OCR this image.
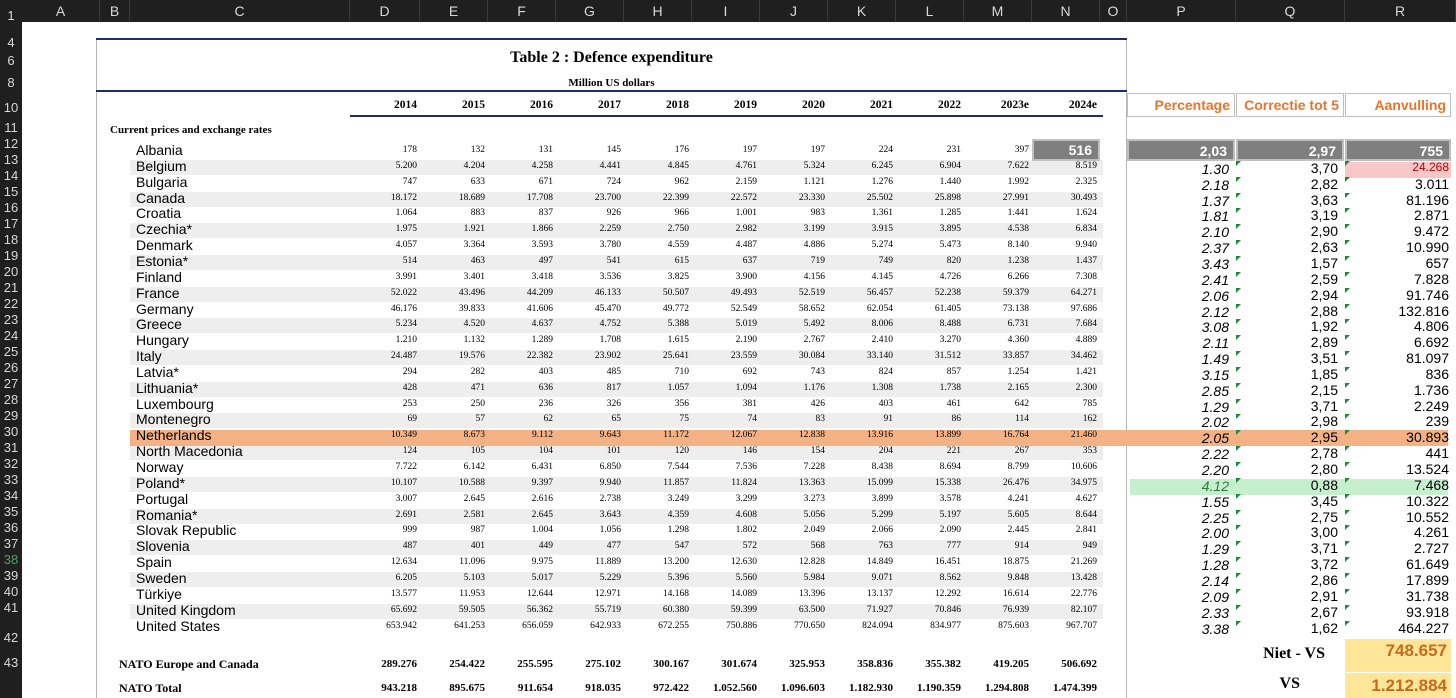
A	B	C	D	E	F	G	H	I	J	K	L	M	N	O	P	Q	R
1
4
6
8
10
11
12
13
14
15
16
17
18
19
20
21
22
23
24
25
26
27
28
29
30
31
32
33
34
35
36
37
38
39
40
41
42
43
Table 2 : Defence expenditure
Million US dollars
2014	2015	2016	2017	2018	2019	2020	2021	2022	2023e	2024e
Current prices and exchange rates
Percentage	Correctie tot 5	Aanvulling
Albania	178	132	131	145	176	197	197	224	231	397	516	2,03	2,97	755
Belgium	5.200	4.204	4.258	4.441	4.845	4.761	5.324	6.245	6.904	7.622	8.519	1.30	3,70	24.268
Bulgaria	747	633	671	724	962	2.159	1.121	1.276	1.440	1.992	2.325	2.18	2,82	3.011
Canada	18.172	18.689	17.708	23.700	22.399	22.572	23.330	25.502	25.898	27.991	30.493	1.37	3,63	81.196
Croatia	1.064	883	837	926	966	1.001	983	1.361	1.285	1.441	1.624	1.81	3,19	2.871
Czechia*	1.975	1.921	1.866	2.259	2.750	2.982	3.199	3.915	3.895	4.538	6.834	2.10	2,90	9.472
Denmark	4.057	3.364	3.593	3.780	4.559	4.487	4.886	5.274	5.473	8.140	9.940	2.37	2,63	10.990
Estonia*	514	463	497	541	615	637	719	749	820	1.238	1.437	3.43	1,57	657
Finland	3.991	3.401	3.418	3.536	3.825	3.900	4.156	4.145	4.726	6.266	7.308	2.41	2,59	7.828
France	52.022	43.496	44.209	46.133	50.507	49.493	52.519	56.457	52.238	59.379	64.271	2.06	2,94	91.746
Germany	46.176	39.833	41.606	45.470	49.772	52.549	58.652	62.054	61.405	73.138	97.686	2.12	2,88	132.816
Greece	5.234	4.520	4.637	4.752	5.388	5.019	5.492	8.006	8.488	6.731	7.684	3.08	1,92	4.806
Hungary	1.210	1.132	1.289	1.708	1.615	2.190	2.767	2.410	3.270	4.360	4.889	2.11	2,89	6.692
Italy	24.487	19.576	22.382	23.902	25.641	23.559	30.084	33.140	31.512	33.857	34.462	1.49	3,51	81.097
Latvia*	294	282	403	485	710	692	743	824	857	1.254	1.421	3.15	1,85	836
Lithuania*	428	471	636	817	1.057	1.094	1.176	1.308	1.738	2.165	2.300	2.85	2,15	1.736
Luxembourg	253	250	236	326	356	381	426	403	461	642	785	1.29	3,71	2.249
Montenegro	69	57	62	65	75	74	83	91	86	114	162	2.02	2,98	239
Netherlands	10.349	8.673	9.112	9.643	11.172	12.067	12.838	13.916	13.899	16.764	21.460	2.05	2,95	30.893
North Macedonia	124	105	104	101	120	146	154	204	221	267	353	2.22	2,78	441
Norway	7.722	6.142	6.431	6.850	7.544	7.536	7.228	8.438	8.694	8.799	10.606	2.20	2,80	13.524
Poland*	10.107	10.588	9.397	9.940	11.857	11.824	13.363	15.099	15.338	26.476	34.975	4.12	0,88	7.468
Portugal	3.007	2.645	2.616	2.738	3.249	3.299	3.273	3.899	3.578	4.241	4.627	1.55	3,45	10.322
Romania*	2.691	2.581	2.645	3.643	4.359	4.608	5.056	5.299	5.197	5.605	8.644	2.25	2,75	10.552
Slovak Republic	999	987	1.004	1.056	1.298	1.802	2.049	2.066	2.090	2.445	2.841	2.00	3,00	4.261
Slovenia	487	401	449	477	547	572	568	763	777	914	949	1.29	3,71	2.727
Spain	12.634	11.096	9.975	11.889	13.200	12.630	12.828	14.849	16.451	18.875	21.269	1.28	3,72	61.649
Sweden	6.205	5.103	5.017	5.229	5.396	5.560	5.984	9.071	8.562	9.848	13.428	2.14	2,86	17.899
Türkiye	13.577	11.953	12.644	12.971	14.168	14.089	13.396	13.137	12.292	16.614	22.776	2.09	2,91	31.738
United Kingdom	65.692	59.505	56.362	55.719	60.380	59.399	63.500	71.927	70.846	76.939	82.107	2.33	2,67	93.918
United States	653.942	641.253	656.059	642.933	672.255	750.886	770.650	824.094	834.977	875.603	967.707	3.38	1,62	464.227
NATO Europe and Canada	289.276	254.422	255.595	275.102	300.167	301.674	325.953	358.836	355.382	419.205	506.692
NATO Total	943.218	895.675	911.654	918.035	972.422	1.052.560	1.096.603	1.182.930	1.190.359	1.294.808	1.474.399
Niet - VS	748.657
VS	1.212.884
